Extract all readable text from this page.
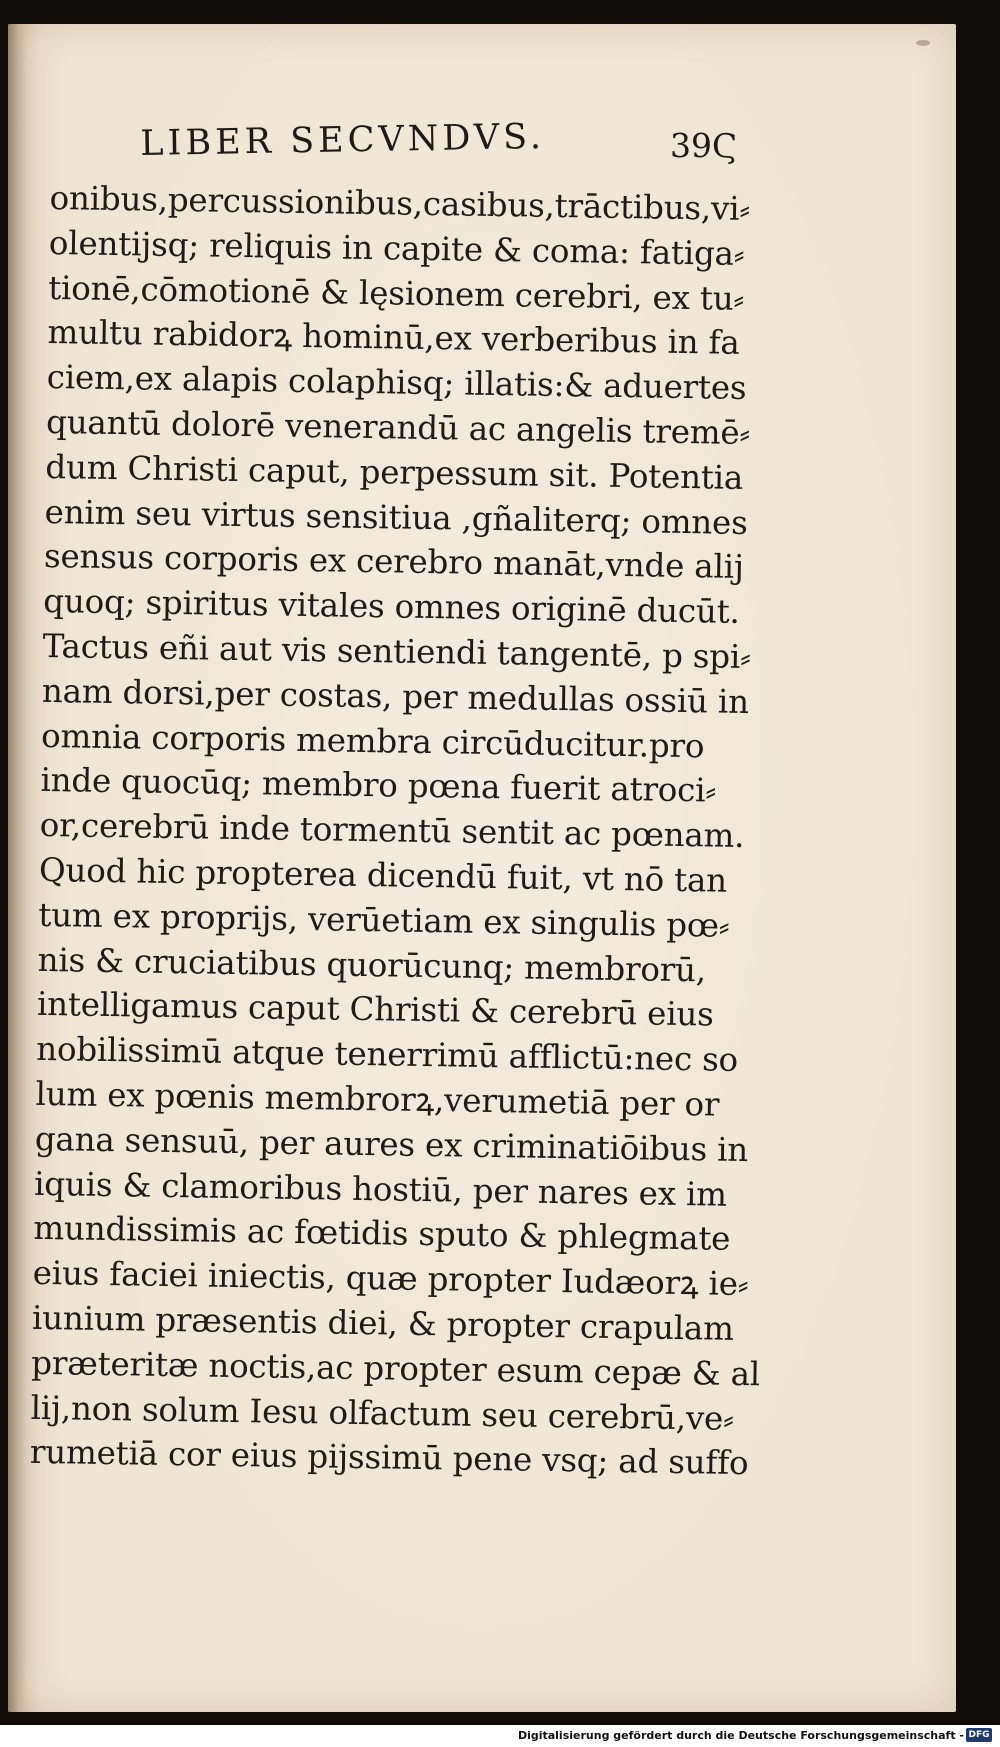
LIBER SECVNDVS.	39Ϛ
onibus,percussionibus,casibus,trāctibus,vi⸗
olentijsq; reliquis in capite & coma: fatiga⸗
tionē,cōmotionē & lęsionem cerebri, ex tu⸗
multu rabidorꝝ hominū,ex verberibus in fa
ciem,ex alapis colaphisq; illatis:& aduertes
quantū dolorē venerandū ac angelis tremē⸗
dum Christi caput, perpessum sit. Potentia
enim seu virtus sensitiua ,gñaliterq; omnes
sensus corporis ex cerebro manāt,vnde alij
quoq; spiritus vitales omnes originē ducūt.
Tactus eñi aut vis sentiendi tangentē, p spi⸗
nam dorsi,per costas, per medullas ossiū in
omnia corporis membra circūducitur.pro
inde quocūq; membro pœna fuerit atroci⸗
or,cerebrū inde tormentū sentit ac pœnam.
Quod hic propterea dicendū fuit, vt nō tan
tum ex proprijs, verūetiam ex singulis pœ⸗
nis & cruciatibus quorūcunq; membrorū,
intelligamus caput Christi & cerebrū eius
nobilissimū atque tenerrimū afflictū:nec so
lum ex pœnis membrorꝝ,verumetiā per or
gana sensuū, per aures ex criminatiōibus in
iquis & clamoribus hostiū, per nares ex im
mundissimis ac fœtidis sputo & phlegmate
eius faciei iniectis, quæ propter Iudæorꝝ ie⸗
iunium præsentis diei, & propter crapulam
præteritæ noctis,ac propter esum cepæ & al
lij,non solum Iesu olfactum seu cerebrū,ve⸗
rumetiā cor eius pijssimū pene vsq; ad suffo
Digitalisierung gefördert durch die Deutsche Forschungsgemeinschaft - DFG
